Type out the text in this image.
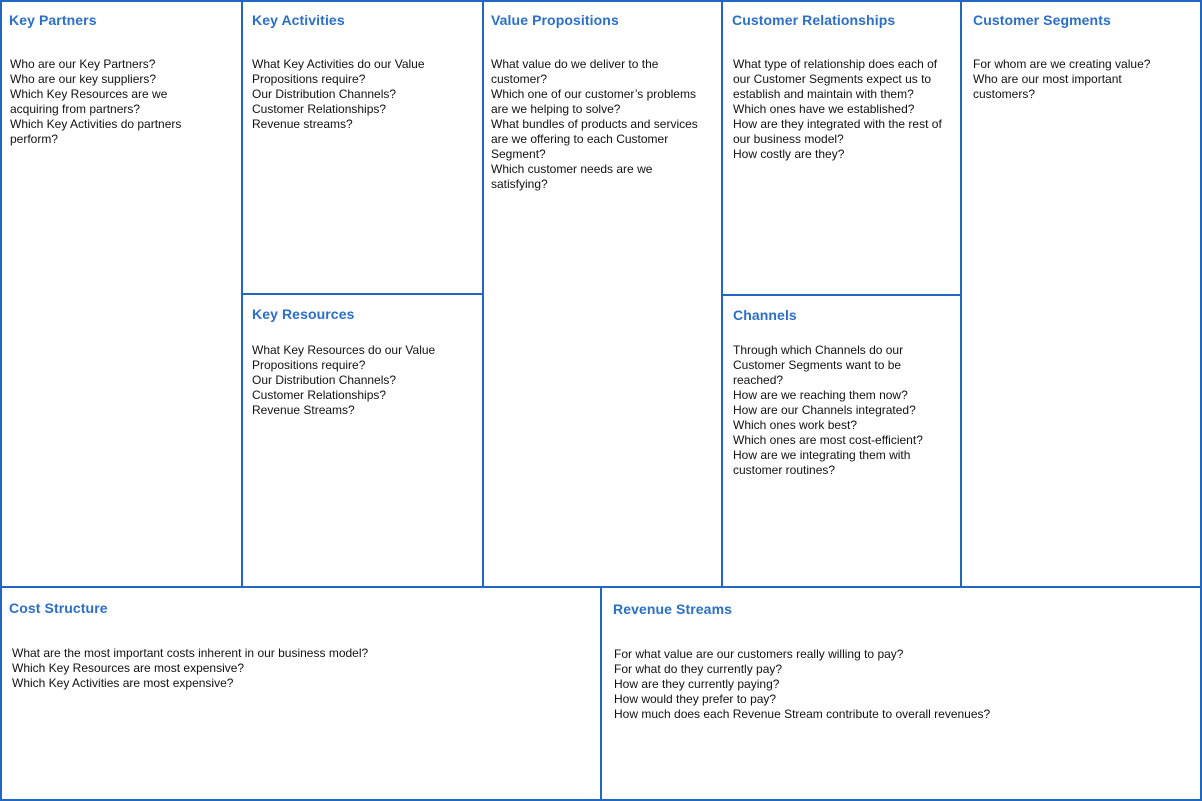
Key Partners
Who are our Key Partners?
Who are our key suppliers?
Which Key Resources are we acquiring from partners?
Which Key Activities do partners perform?
Key Activities
What Key Activities do our Value Propositions require?
Our Distribution Channels?
Customer Relationships?
Revenue streams?
Key Resources
What Key Resources do our Value Propositions require?
Our Distribution Channels?
Customer Relationships?
Revenue Streams?
Value Propositions
What value do we deliver to the customer?
Which one of our customer’s problems are we helping to solve?
What bundles of products and services are we offering to each Customer Segment?
Which customer needs are we satisfying?
Customer Relationships
What type of relationship does each of our Customer Segments expect us to establish and maintain with them?
Which ones have we established?
How are they integrated with the rest of our business model?
How costly are they?
Channels
Through which Channels do our Customer Segments want to be reached?
How are we reaching them now?
How are our Channels integrated?
Which ones work best?
Which ones are most cost-efficient?
How are we integrating them with customer routines?
Customer Segments
For whom are we creating value?
Who are our most important customers?
Cost Structure
What are the most important costs inherent in our business model?
Which Key Resources are most expensive?
Which Key Activities are most expensive?
Revenue Streams
For what value are our customers really willing to pay?
For what do they currently pay?
How are they currently paying?
How would they prefer to pay?
How much does each Revenue Stream contribute to overall revenues?
